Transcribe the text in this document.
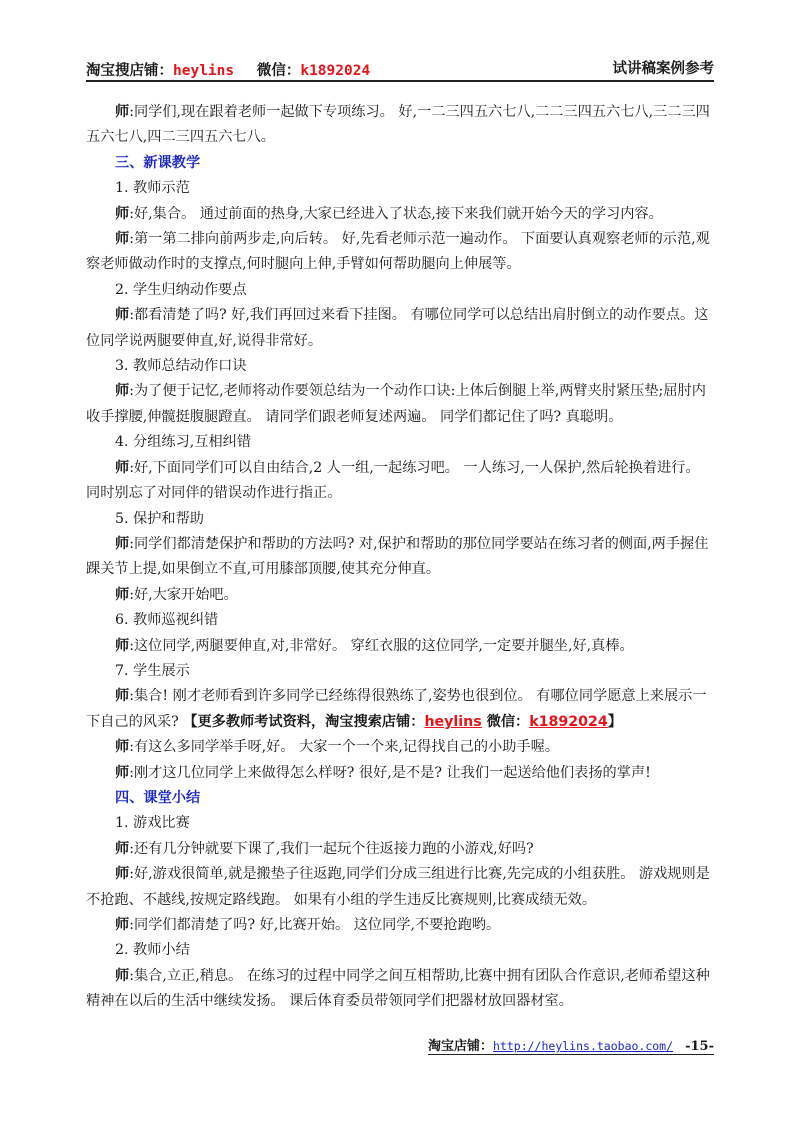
淘宝搜店铺：heylins 微信：k1892024	试讲稿案例参考
师:同学们,现在跟着老师一起做下专项练习。 好,一二三四五六七八,二二三四五六七八,三二三四五六七八,四二三四五六七八。
三、新课教学
1. 教师示范
师:好,集合。 通过前面的热身,大家已经进入了状态,接下来我们就开始今天的学习内容。
师:第一第二排向前两步走,向后转。 好,先看老师示范一遍动作。 下面要认真观察老师的示范,观察老师做动作时的支撑点,何时腿向上伸,手臂如何帮助腿向上伸展等。
2. 学生归纳动作要点
师:都看清楚了吗? 好,我们再回过来看下挂图。 有哪位同学可以总结出肩肘倒立的动作要点。这位同学说两腿要伸直,好,说得非常好。
3. 教师总结动作口诀
师:为了便于记忆,老师将动作要领总结为一个动作口诀:上体后倒腿上举,两臂夹肘紧压垫;屈肘内收手撑腰,伸髋挺腹腿蹬直。 请同学们跟老师复述两遍。 同学们都记住了吗? 真聪明。
4. 分组练习,互相纠错
师:好,下面同学们可以自由结合,2 人一组,一起练习吧。 一人练习,一人保护,然后轮换着进行。 同时别忘了对同伴的错误动作进行指正。
5. 保护和帮助
师:同学们都清楚保护和帮助的方法吗? 对,保护和帮助的那位同学要站在练习者的侧面,两手握住踝关节上提,如果倒立不直,可用膝部顶腰,使其充分伸直。
师:好,大家开始吧。
6. 教师巡视纠错
师:这位同学,两腿要伸直,对,非常好。 穿红衣服的这位同学,一定要并腿坐,好,真棒。
7. 学生展示
师:集合! 刚才老师看到许多同学已经练得很熟练了,姿势也很到位。 有哪位同学愿意上来展示一下自己的风采? 【更多教师考试资料，淘宝搜索店铺：heylins 微信：k1892024】
师:有这么多同学举手呀,好。 大家一个一个来,记得找自己的小助手喔。
师:刚才这几位同学上来做得怎么样呀? 很好,是不是? 让我们一起送给他们表扬的掌声!
四、课堂小结
1. 游戏比赛
师:还有几分钟就要下课了,我们一起玩个往返接力跑的小游戏,好吗?
师:好,游戏很简单,就是搬垫子往返跑,同学们分成三组进行比赛,先完成的小组获胜。 游戏规则是不抢跑、不越线,按规定路线跑。 如果有小组的学生违反比赛规则,比赛成绩无效。
师:同学们都清楚了吗? 好,比赛开始。 这位同学,不要抢跑哟。
2. 教师小结
师:集合,立正,稍息。 在练习的过程中同学之间互相帮助,比赛中拥有团队合作意识,老师希望这种精神在以后的生活中继续发扬。 课后体育委员带领同学们把器材放回器材室。
淘宝店铺：http://heylins.taobao.com/ -15-
